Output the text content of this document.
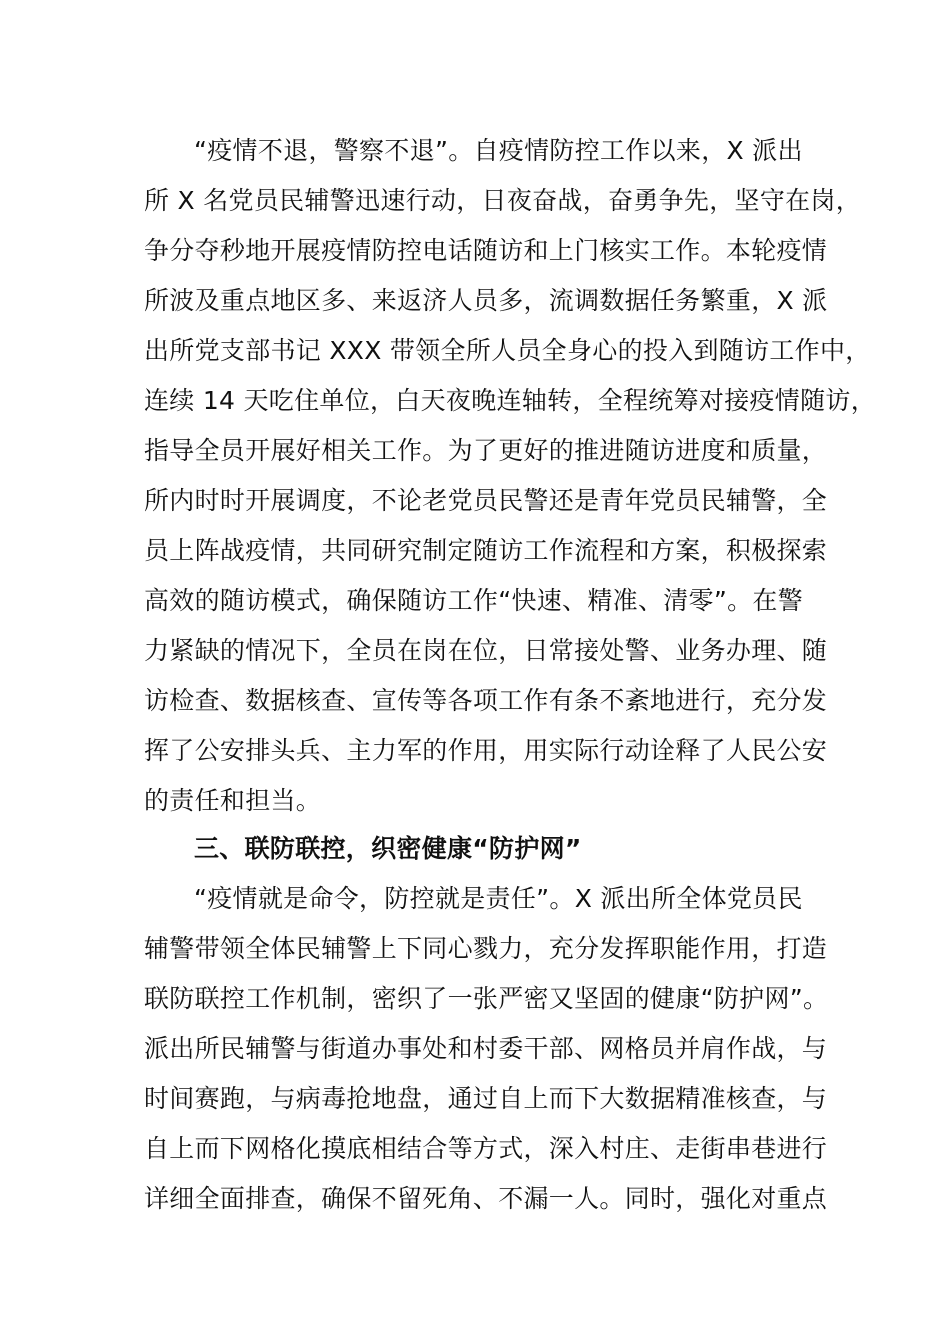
“疫情不退，警察不退”。自疫情防控工作以来，X 派出
所 X 名党员民辅警迅速行动，日夜奋战，奋勇争先，坚守在岗，
争分夺秒地开展疫情防控电话随访和上门核实工作。本轮疫情
所波及重点地区多、来返济人员多，流调数据任务繁重，X 派
出所党支部书记 XXX 带领全所人员全身心的投入到随访工作中，
连续 14 天吃住单位，白天夜晚连轴转，全程统筹对接疫情随访，
指导全员开展好相关工作。为了更好的推进随访进度和质量，
所内时时开展调度，不论老党员民警还是青年党员民辅警，全
员上阵战疫情，共同研究制定随访工作流程和方案，积极探索
高效的随访模式，确保随访工作“快速、精准、清零”。在警
力紧缺的情况下，全员在岗在位，日常接处警、业务办理、随
访检查、数据核查、宣传等各项工作有条不紊地进行，充分发
挥了公安排头兵、主力军的作用，用实际行动诠释了人民公安
的责任和担当。
三、联防联控，织密健康“防护网”
“疫情就是命令，防控就是责任”。X 派出所全体党员民
辅警带领全体民辅警上下同心戮力，充分发挥职能作用，打造
联防联控工作机制，密织了一张严密又坚固的健康“防护网”。
派出所民辅警与街道办事处和村委干部、网格员并肩作战，与
时间赛跑，与病毒抢地盘，通过自上而下大数据精准核查，与
自上而下网格化摸底相结合等方式，深入村庄、走街串巷进行
详细全面排查，确保不留死角、不漏一人。同时，强化对重点
